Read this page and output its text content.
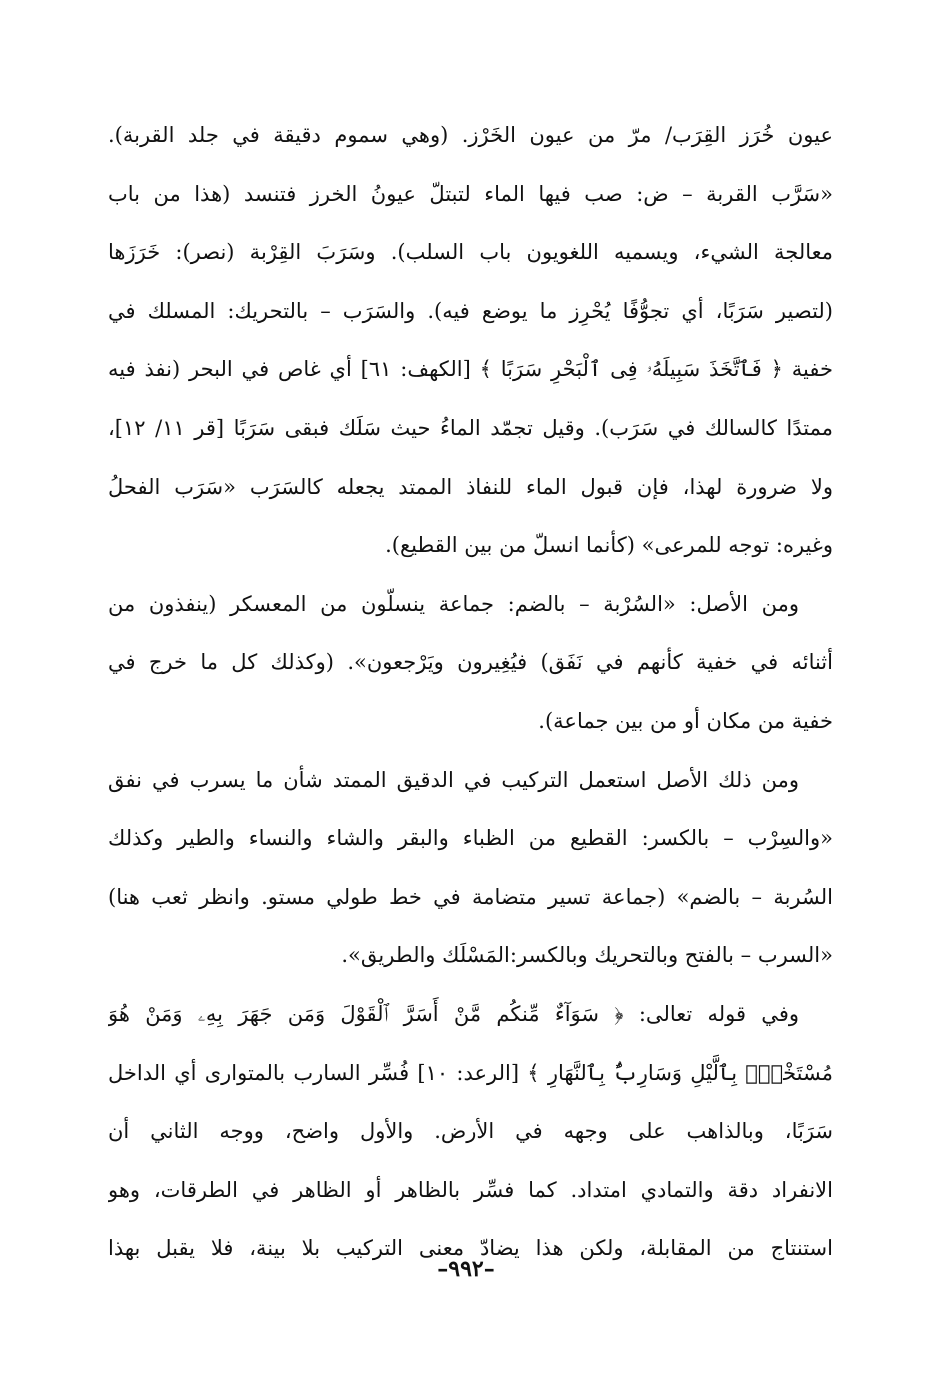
عيون خُرَز القِرَب/ مرّ من عيون الخَرْز. (وهي سموم دقيقة في جلد القربة).
«سَرَّب القربة – ض: صب فيها الماء لتبتلّ عيونُ الخرز فتنسد (هذا من باب
معالجة الشيء، ويسميه اللغويون باب السلب). وسَرَبَ القِرْبة (نصر): خَرَزَها
(لتصير سَرَبًا، أي تجوُّفًا يُحْرِز ما يوضع فيه). والسَرَب – بالتحريك: المسلك في
خفية ﴿ فَٱتَّخَذَ سَبِيلَهُۥ فِى ٱلْبَحْرِ سَرَبًا ﴾ [الكهف: ٦١] أي غاص في البحر (نفذ فيه
ممتدًا كالسالك في سَرَب). وقيل تجمّد الماءُ حيث سَلَك فبقى سَرَبًا [قر ١١/ ١٢]،
ولا ضرورة لهذا، فإن قبول الماء للنفاذ الممتد يجعله كالسَرَب «سَرَب الفحلُ
وغيره: توجه للمرعى» (كأنما انسلّ من بين القطيع).
ومن الأصل: «السُرْبة – بالضم: جماعة ينسلّون من المعسكر (ينفذون من
أثنائه في خفية كأنهم في نَفَق) فيُغِيرون ويَرْجعون». (وكذلك كل ما خرج في
خفية من مكان أو من بين جماعة).
ومن ذلك الأصل استعمل التركيب في الدقيق الممتد شأن ما يسرب في نفق
«والسِرْب – بالكسر: القطيع من الظباء والبقر والشاء والنساء والطير وكذلك
السُربة – بالضم» (جماعة تسير متضامة في خط طولي مستو. وانظر ثعب هنا)
«السرب – بالفتح وبالتحريك وبالكسر:المَسْلَك والطريق».
وفي قوله تعالى: ﴿ سَوَآءٌ مِّنكُم مَّنْ أَسَرَّ ٱلْقَوْلَ وَمَن جَهَرَ بِهِۦ وَمَنْ هُوَ
مُسْتَخْفٍۭ بِٱلَّيْلِ وَسَارِبٌۢ بِٱلنَّهَارِ ﴾ [الرعد: ١٠] فُسِّر السارب بالمتوارى أي الداخل
سَرَبًا، وبالذاهب على وجهه في الأرض. والأول واضح، ووجه الثاني أن
الانفراد دقة والتمادي امتداد. كما فسِّر بالظاهر أو الظاهر في الطرقات، وهو
استنتاج من المقابلة، ولكن هذا يضادّ معنى التركيب بلا بينة، فلا يقبل بهذا
–٩٩٢–
